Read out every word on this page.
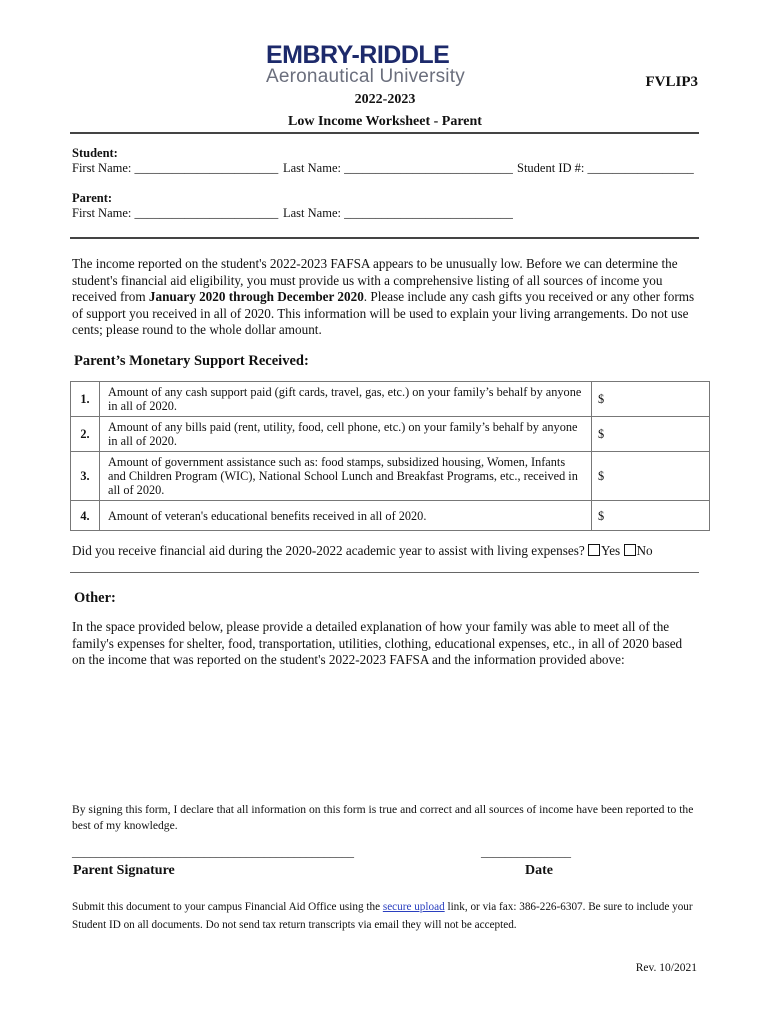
EMBRY-RIDDLE
Aeronautical University	FVLIP3
2022-2023
Low Income Worksheet - Parent
Student:
First Name: _______________________ Last Name: ___________________________ Student ID #: _________________
Parent:
First Name: _______________________ Last Name: ___________________________
The income reported on the student's 2022-2023 FAFSA appears to be unusually low. Before we can determine the student's financial aid eligibility, you must provide us with a comprehensive listing of all sources of income you received from January 2020 through December 2020. Please include any cash gifts you received or any other forms of support you received in all of 2020. This information will be used to explain your living arrangements. Do not use cents; please round to the whole dollar amount.
Parent’s Monetary Support Received:
1.	Amount of any cash support paid (gift cards, travel, gas, etc.) on your family’s behalf by anyone in all of 2020.	$
2.	Amount of any bills paid (rent, utility, food, cell phone, etc.) on your family’s behalf by anyone in all of 2020.	$
3.	Amount of government assistance such as: food stamps, subsidized housing, Women, Infants and Children Program (WIC), National School Lunch and Breakfast Programs, etc., received in all of 2020.	$
4.	Amount of veteran's educational benefits received in all of 2020.	$
Did you receive financial aid during the 2020-2022 academic year to assist with living expenses? Yes No
Other:
In the space provided below, please provide a detailed explanation of how your family was able to meet all of the family's expenses for shelter, food, transportation, utilities, clothing, educational expenses, etc., in all of 2020 based on the income that was reported on the student's 2022-2023 FAFSA and the information provided above:
By signing this form, I declare that all information on this form is true and correct and all sources of income have been reported to the best of my knowledge.
_______________________________________________
Parent Signature
_______________
Date
Submit this document to your campus Financial Aid Office using the secure upload link, or via fax: 386-226-6307. Be sure to include your Student ID on all documents. Do not send tax return transcripts via email they will not be accepted.
Rev. 10/2021
